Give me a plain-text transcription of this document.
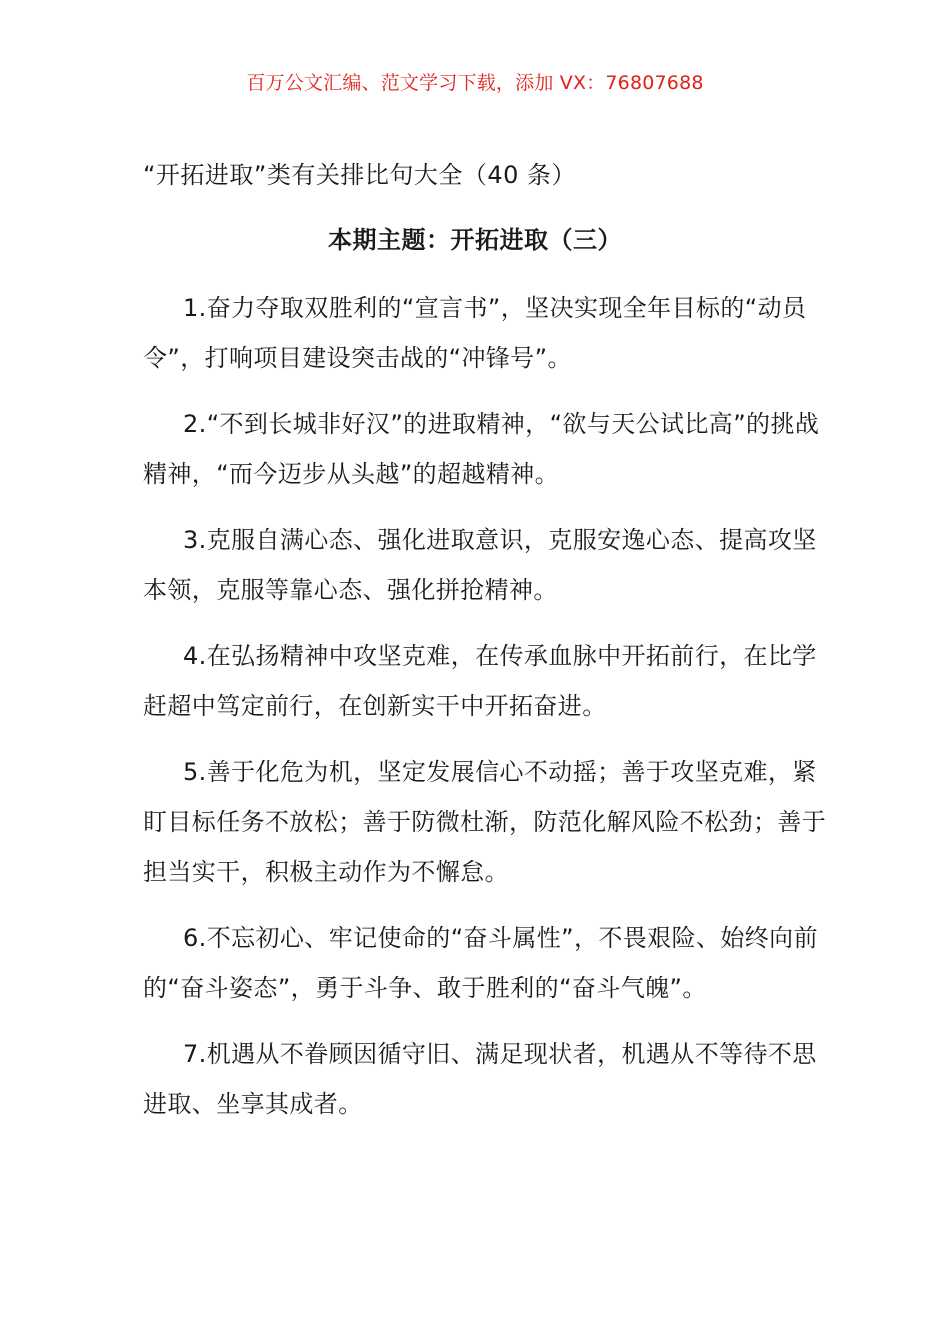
百万公文汇编、范文学习下载，添加 VX：76807688
“开拓进取”类有关排比句大全（40 条）
本期主题：开拓进取（三）

1.奋力夺取双胜利的“宣言书”，坚决实现全年目标的“动员令”，打响项目建设突击战的“冲锋号”。

2.“不到长城非好汉”的进取精神，“欲与天公试比高”的挑战精神，“而今迈步从头越”的超越精神。

3.克服自满心态、强化进取意识，克服安逸心态、提高攻坚本领，克服等靠心态、强化拼抢精神。

4.在弘扬精神中攻坚克难，在传承血脉中开拓前行，在比学赶超中笃定前行，在创新实干中开拓奋进。

5.善于化危为机，坚定发展信心不动摇；善于攻坚克难，紧盯目标任务不放松；善于防微杜渐，防范化解风险不松劲；善于担当实干，积极主动作为不懈怠。

6.不忘初心、牢记使命的“奋斗属性”，不畏艰险、始终向前的“奋斗姿态”，勇于斗争、敢于胜利的“奋斗气魄”。

7.机遇从不眷顾因循守旧、满足现状者，机遇从不等待不思进取、坐享其成者。
